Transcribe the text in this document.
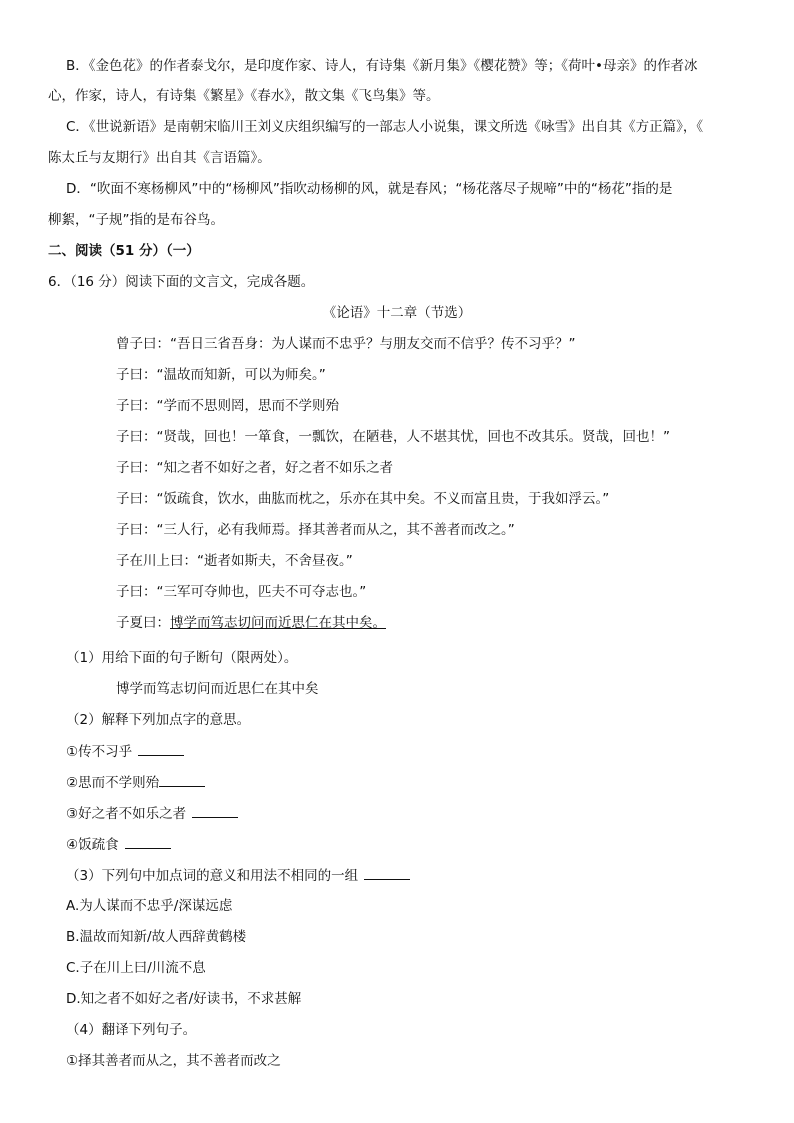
B．《金色花》的作者泰戈尔，是印度作家、诗人，有诗集《新月集》《樱花赞》等；《荷叶•母亲》的作者冰
心，作家，诗人，有诗集《繁星》《春水》，散文集《飞鸟集》等。
C．《世说新语》是南朝宋临川王刘义庆组织编写的一部志人小说集，课文所选《咏雪》出自其《方正篇》，《
陈太丘与友期行》出自其《言语篇》。
D．“吹面不寒杨柳风”中的“杨柳风”指吹动杨柳的风，就是春风；“杨花落尽子规啼”中的“杨花”指的是
柳絮，“子规”指的是布谷鸟。
二、阅读（51 分）（一）
6．（16 分）阅读下面的文言文，完成各题。
《论语》十二章（节选）
曾子曰：“吾日三省吾身：为人谋而不忠乎？与朋友交而不信乎？传不习乎？”
子曰：“温故而知新，可以为师矣。”
子曰：“学而不思则罔，思而不学则殆
子曰：“贤哉，回也！一箪食，一瓢饮，在陋巷，人不堪其忧，回也不改其乐。贤哉，回也！”
子曰：“知之者不如好之者，好之者不如乐之者
子曰：“饭疏食，饮水，曲肱而枕之，乐亦在其中矣。不义而富且贵，于我如浮云。”
子曰：“三人行，必有我师焉。择其善者而从之，其不善者而改之。”
子在川上曰：“逝者如斯夫，不舍昼夜。”
子曰：“三军可夺帅也，匹夫不可夺志也。”
子夏曰：博学而笃志切问而近思仁在其中矣。
（1）用给下面的句子断句（限两处）。
博学而笃志切问而近思仁在其中矣
（2）解释下列加点字的意思。
①传不习乎
②思而不学则殆
③好之者不如乐之者
④饭疏食
（3）下列句中加点词的意义和用法不相同的一组
A.为人谋而不忠乎/深谋远虑
B.温故而知新/故人西辞黄鹤楼
C.子在川上曰/川流不息
D.知之者不如好之者/好读书，不求甚解
（4）翻译下列句子。
①择其善者而从之，其不善者而改之
